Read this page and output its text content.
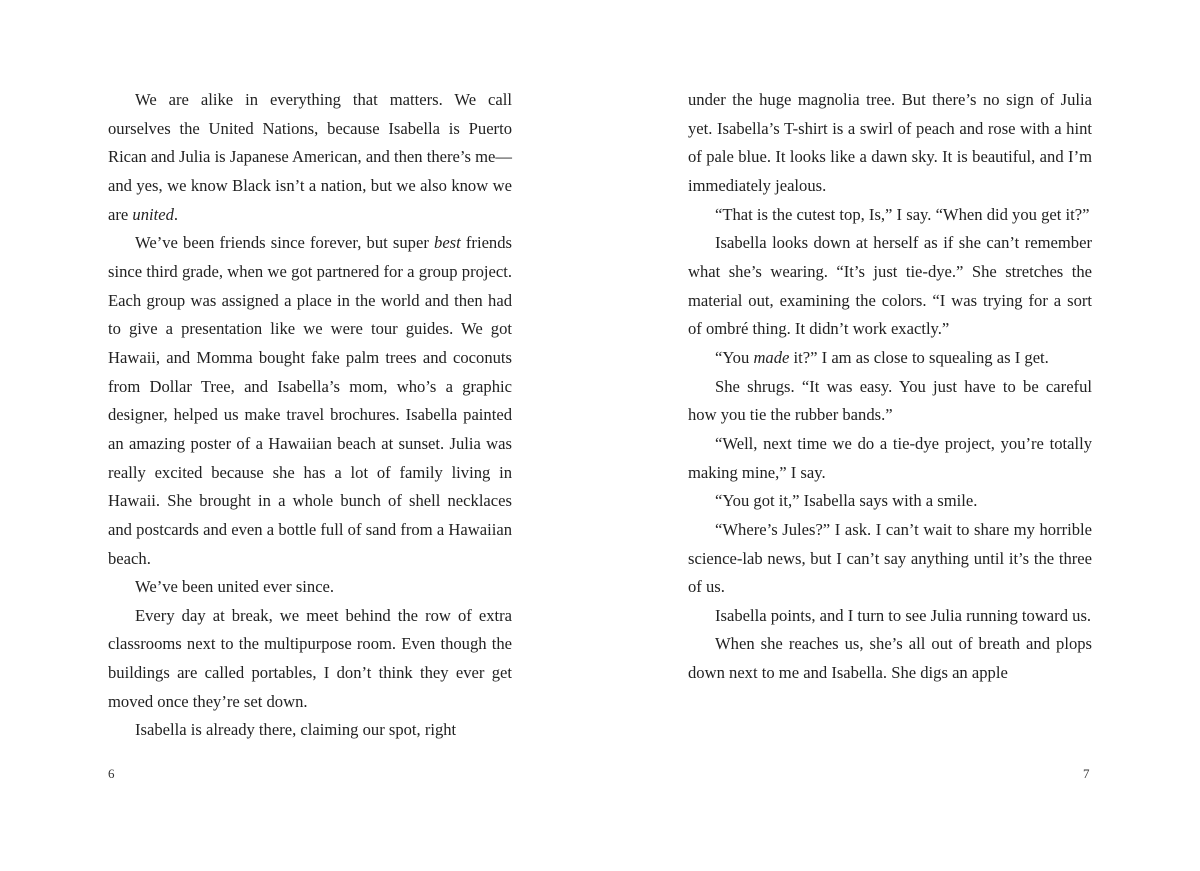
We are alike in everything that matters. We call ourselves the United Nations, because Isabella is Puerto Rican and Julia is Japanese American, and then there’s me—and yes, we know Black isn’t a nation, but we also know we are united.

We’ve been friends since forever, but super best friends since third grade, when we got partnered for a group project. Each group was assigned a place in the world and then had to give a presentation like we were tour guides. We got Hawaii, and Momma bought fake palm trees and coconuts from Dollar Tree, and Isabella’s mom, who’s a graphic designer, helped us make travel brochures. Isabella painted an amazing poster of a Hawaiian beach at sunset. Julia was really excited because she has a lot of family living in Hawaii. She brought in a whole bunch of shell necklaces and postcards and even a bottle full of sand from a Hawaiian beach.

We’ve been united ever since.

Every day at break, we meet behind the row of extra classrooms next to the multipurpose room. Even though the buildings are called portables, I don’t think they ever get moved once they’re set down.

Isabella is already there, claiming our spot, right

6

under the huge magnolia tree. But there’s no sign of Julia yet. Isabella’s T-shirt is a swirl of peach and rose with a hint of pale blue. It looks like a dawn sky. It is beautiful, and I’m immediately jealous.

“That is the cutest top, Is,” I say. “When did you get it?”

Isabella looks down at herself as if she can’t remember what she’s wearing. “It’s just tie-dye.” She stretches the material out, examining the colors. “I was trying for a sort of ombré thing. It didn’t work exactly.”

“You made it?” I am as close to squealing as I get.

She shrugs. “It was easy. You just have to be careful how you tie the rubber bands.”

“Well, next time we do a tie-dye project, you’re totally making mine,” I say.

“You got it,” Isabella says with a smile.

“Where’s Jules?” I ask. I can’t wait to share my horrible science-lab news, but I can’t say anything until it’s the three of us.

Isabella points, and I turn to see Julia running toward us.

When she reaches us, she’s all out of breath and plops down next to me and Isabella. She digs an apple

7
